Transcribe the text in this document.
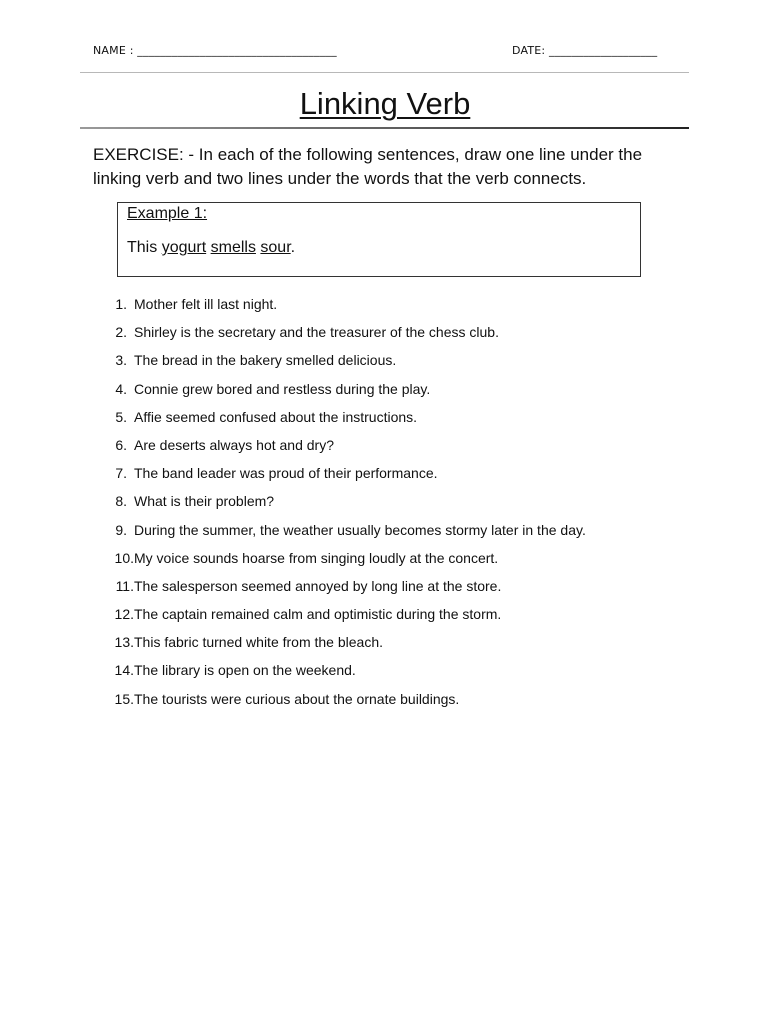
NAME : ___________________________________	DATE: ___________________
Linking Verb
EXERCISE: - In each of the following sentences, draw one line under the linking verb and two lines under the words that the verb connects.
Example 1:
This yogurt smells sour.
1. Mother felt ill last night.
2. Shirley is the secretary and the treasurer of the chess club.
3. The bread in the bakery smelled delicious.
4. Connie grew bored and restless during the play.
5. Affie seemed confused about the instructions.
6. Are deserts always hot and dry?
7. The band leader was proud of their performance.
8. What is their problem?
9. During the summer, the weather usually becomes stormy later in the day.
10. My voice sounds hoarse from singing loudly at the concert.
11. The salesperson seemed annoyed by long line at the store.
12. The captain remained calm and optimistic during the storm.
13. This fabric turned white from the bleach.
14. The library is open on the weekend.
15. The tourists were curious about the ornate buildings.
